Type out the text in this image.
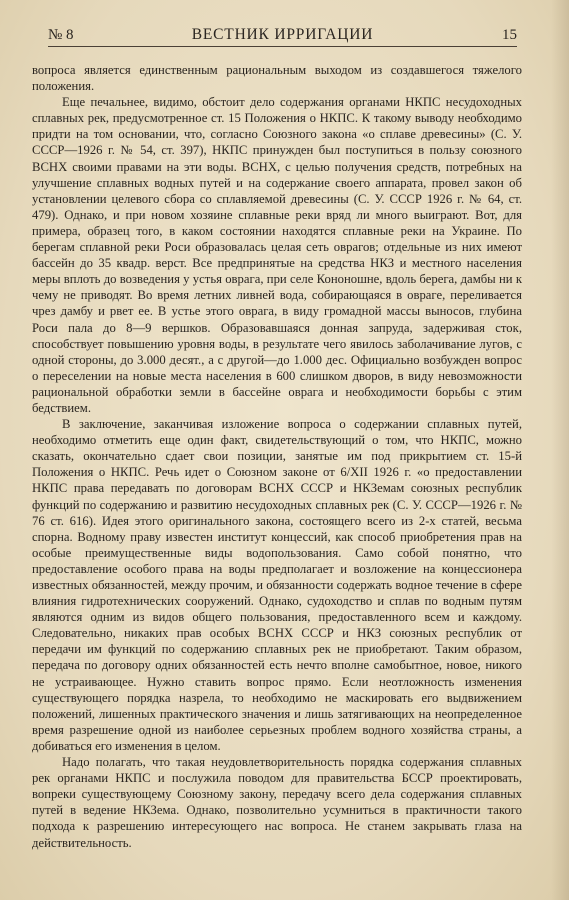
№ 8	ВЕСТНИК ИРРИГАЦИИ	15

вопроса является единственным рациональным выходом из создавшегося тяжелого положения.

Еще печальнее, видимо, обстоит дело содержания органами НКПС несудоходных сплавных рек, предусмотренное ст. 15 Положения о НКПС. К такому выводу необходимо придти на том основании, что, согласно Союзного закона «о сплаве древесины» (С. У. СССР—1926 г. № 54, ст. 397), НКПС принужден был поступиться в пользу союзного ВСНХ своими правами на эти воды. ВСНХ, с целью получения средств, потребных на улучшение сплавных водных путей и на содержание своего аппарата, провел закон об установлении целевого сбора со сплавляемой древесины (С. У. СССР 1926 г. № 64, ст. 479). Однако, и при новом хозяине сплавные реки вряд ли много выиграют. Вот, для примера, образец того, в каком состоянии находятся сплавные реки на Украине. По берегам сплавной реки Роси образовалась целая сеть оврагов; отдельные из них имеют бассейн до 35 квадр. верст. Все предпринятые на средства НКЗ и местного населения меры вплоть до возведения у устья оврага, при селе Кононошне, вдоль берега, дамбы ни к чему не приводят. Во время летних ливней вода, собирающаяся в овраге, переливается чрез дамбу и рвет ее. В устье этого оврага, в виду громадной массы выносов, глубина Роси пала до 8—9 вершков. Образовавшаяся донная запруда, задерживая сток, способствует повышению уровня воды, в результате чего явилось заболачивание лугов, с одной стороны, до 3.000 десят., а с другой—до 1.000 дес. Официально возбужден вопрос о переселении на новые места населения в 600 слишком дворов, в виду невозможности рациональной обработки земли в бассейне оврага и необходимости борьбы с этим бедствием.

В заключение, заканчивая изложение вопроса о содержании сплавных путей, необходимо отметить еще один факт, свидетельствующий о том, что НКПС, можно сказать, окончательно сдает свои позиции, занятые им под прикрытием ст. 15-й Положения о НКПС. Речь идет о Союзном законе от 6/XII 1926 г. «о предоставлении НКПС права передавать по договорам ВСНХ СССР и НКЗемам союзных республик функций по содержанию и развитию несудоходных сплавных рек (С. У. СССР—1926 г. № 76 ст. 616). Идея этого оригинального закона, состоящего всего из 2-х статей, весьма спорна. Водному праву известен институт концессий, как способ приобретения прав на особые преимущественные виды водопользования. Само собой понятно, что предоставление особого права на воды предполагает и возложение на концессионера известных обязанностей, между прочим, и обязанности содержать водное течение в сфере влияния гидротехнических сооружений. Однако, судоходство и сплав по водным путям являются одним из видов общего пользования, предоставленного всем и каждому. Следовательно, никаких прав особых ВСНХ СССР и НКЗ союзных республик от передачи им функций по содержанию сплавных рек не приобретают. Таким образом, передача по договору одних обязанностей есть нечто вполне самобытное, новое, никого не устраивающее. Нужно ставить вопрос прямо. Если неотложность изменения существующего порядка назрела, то необходимо не маскировать его выдвижением положений, лишенных практического значения и лишь затягивающих на неопределенное время разрешение одной из наиболее серьезных проблем водного хозяйства страны, а добиваться его изменения в целом.

Надо полагать, что такая неудовлетворительность порядка содержания сплавных рек органами НКПС и послужила поводом для правительства БССР проектировать, вопреки существующему Союзному закону, передачу всего дела содержания сплавных путей в ведение НКЗема. Однако, позволительно усумниться в практичности такого подхода к разрешению интересующего нас вопроса. Не станем закрывать глаза на действительность.
